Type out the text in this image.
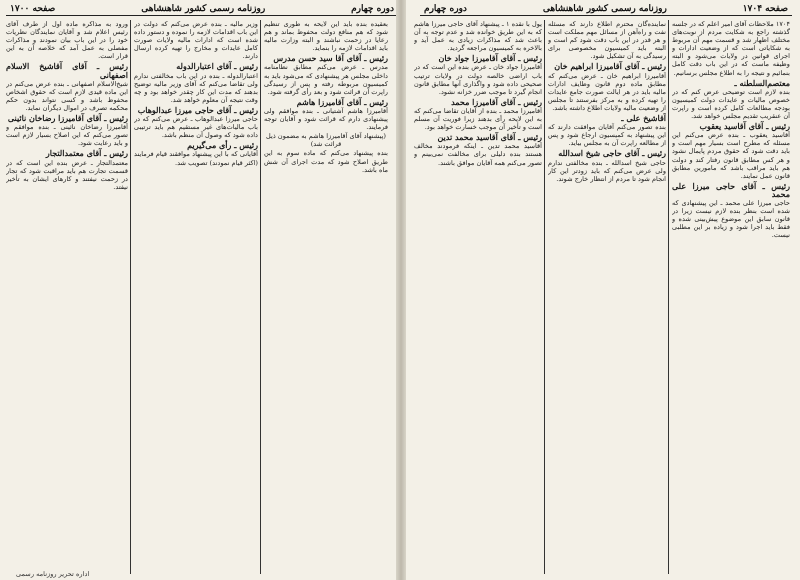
صفحه ۱۷۰۴
روزنامه رسمی کشور شاهنشاهی
دوره چهارم
دوره چهارم
روزنامه رسمی کشور شاهنشاهی
صفحه ۱۷۰۰

۱۷۰۴ ملاحظات آقای امیر اعلم که در جلسه گذشته راجع به شکایت مردم از نوبت‌های مختلف اظهار شد و قسمت مهم آن مربوط به شکایاتی است که از وضعیت ادارات و اجرای قوانین در ولایات می‌شود و البته وظیفه ماست که در این باب دقت کامل بنمائیم و نتیجه را به اطلاع مجلس برسانیم.

معتصم‌السلطنه ـ

بنده لازم است توضیحی عرض کنم که در خصوص مالیات و عایدات دولت کمیسیون بودجه مطالعات کامل کرده است و راپرت آن عنقریب تقدیم مجلس خواهد شد.

رئیس ـ آقای آقاسید یعقوب

آقاسید یعقوب ـ بنده عرض می‌کنم این مسئله که مطرح است بسیار مهم است و باید دقت شود که حقوق مردم پایمال نشود و هر کس مطابق قانون رفتار کند و دولت هم باید مراقب باشد که مامورین مطابق قانون عمل نمایند.

رئیس ـ آقای حاجی میرزا علی محمد

حاجی میرزا علی محمد ـ این پیشنهادی که شده است بنظر بنده لازم نیست زیرا در قانون سابق این موضوع پیش‌بینی شده و فقط باید اجرا شود و زیاده بر این مطلبی نیست.

نماینده‌گان محترم اطلاع دارند که مسئله نفت و راه‌آهن از مسائل مهم مملکت است و هر قدر در این باب دقت شود کم است و البته باید کمیسیون مخصوصی برای رسیدگی به آن تشکیل شود.

رئیس ـ آقای آقامیرزا ابراهیم خان

آقامیرزا ابراهیم خان ـ عرض می‌کنم که مطابق ماده دوم قانون وظایف ادارات مالیه باید در هر ایالت صورت جامع عایدات را تهیه کرده و به مرکز بفرستند تا مجلس از وضعیت مالیه ولایات اطلاع داشته باشد.

آقاشیخ علی ـ

بنده تصور می‌کنم آقایان موافقت دارند که این پیشنهاد به کمیسیون ارجاع شود و پس از مطالعه راپرت آن به مجلس بیاید.

رئیس ـ آقای حاجی شیخ اسدالله

حاجی شیخ اسدالله ـ بنده مخالفتی ندارم ولی عرض می‌کنم که باید زودتر این کار انجام شود تا مردم از انتظار خارج شوند.

یول با نقده ۱ ـ پیشنهاد آقای حاجی میرزا هاشم که به این طریق خوانده شد و عدم توجه به آن باعث شد که مذاکرات زیادی به عمل آید و بالاخره به کمیسیون مراجعه گردید.

رئیس ـ آقای آقامیرزا جواد خان

آقامیرزا جواد خان ـ عرض بنده این است که در باب اراضی خالصه دولت در ولایات ترتیب صحیحی داده شود و واگذاری آنها مطابق قانون انجام گیرد تا موجب ضرر خزانه نشود.

رئیس ـ آقای آقامیرزا محمد

آقامیرزا محمد ـ بنده از آقایان تقاضا می‌کنم که به این لایحه رأی بدهند زیرا فوریت آن مسلم است و تأخیر آن موجب خسارت خواهد بود.

رئیس ـ آقای آقاسید محمد تدین

آقاسید محمد تدین ـ اینکه فرمودند مخالف هستند بنده دلیلی برای مخالفت نمی‌بینم و تصور می‌کنم همه آقایان موافق باشند.

بعقیده بنده باید این لایحه به طوری تنظیم شود که هم منافع دولت محفوظ بماند و هم رعایا در زحمت نباشند و البته وزارت مالیه باید اقدامات لازمه را بنماید.

رئیس ـ آقای آقا سید حسن مدرس

مدرس ـ عرض می‌کنم مطابق نظامنامه داخلی مجلس هر پیشنهادی که می‌شود باید به کمیسیون مربوطه رفته و پس از رسیدگی راپرت آن قرائت شود و بعد رأی گرفته شود.

رئیس ـ آقای آقامیرزا هاشم

آقامیرزا هاشم آشتیانی ـ بنده موافقم ولی پیشنهادی دارم که قرائت شود و آقایان توجه فرمایند.

(پیشنهاد آقای آقامیرزا هاشم به مضمون ذیل قرائت شد)

بنده پیشنهاد می‌کنم که ماده سوم به این طریق اصلاح شود که مدت اجرای آن شش ماه باشد.

وزیر مالیه ـ بنده عرض می‌کنم که دولت در این باب اقدامات لازمه را نموده و دستور داده شده است که ادارات مالیه ولایات صورت کامل عایدات و مخارج را تهیه کرده ارسال دارند.

رئیس ـ آقای اعتبارالدوله

اعتبارالدوله ـ بنده در این باب مخالفتی ندارم ولی تقاضا می‌کنم که آقای وزیر مالیه توضیح بدهند که مدت این کار چقدر خواهد بود و چه وقت نتیجه آن معلوم خواهد شد.

رئیس ـ آقای حاجی میرزا عبدالوهاب

حاجی میرزا عبدالوهاب ـ عرض می‌کنم که در باب مالیات‌های غیر مستقیم هم باید ترتیبی داده شود که وصول آن منظم باشد.

رئیس ـ رأی می‌گیریم

آقایانی که با این پیشنهاد موافقند قیام فرمایند (اکثر قیام نمودند) تصویب شد.

ورود به مذاکره ماده اول از طرف آقای رئیس اعلام شد و آقایان نمایندگان نظریات خود را در این باب بیان نمودند و مذاکرات مفصلی به عمل آمد که خلاصه آن به این قرار است.

رئیس ـ آقای آقاشیخ الاسلام اصفهانی

شیخ‌الاسلام اصفهانی ـ بنده عرض می‌کنم در این ماده قیدی لازم است که حقوق اشخاص محفوظ باشد و کسی نتواند بدون حکم محکمه تصرف در اموال دیگران نماید.

رئیس ـ آقای آقامیرزا رضاخان نائینی

آقامیرزا رضاخان نائینی ـ بنده موافقم و تصور می‌کنم که این اصلاح بسیار لازم است و باید رعایت شود.

رئیس ـ آقای معتمدالتجار

معتمدالتجار ـ عرض بنده این است که در قسمت تجارت هم باید مراقبت شود که تجار در زحمت نیفتند و کارهای ایشان به تأخیر نیفتد.

اداره تحریر روزنامه رسمی
